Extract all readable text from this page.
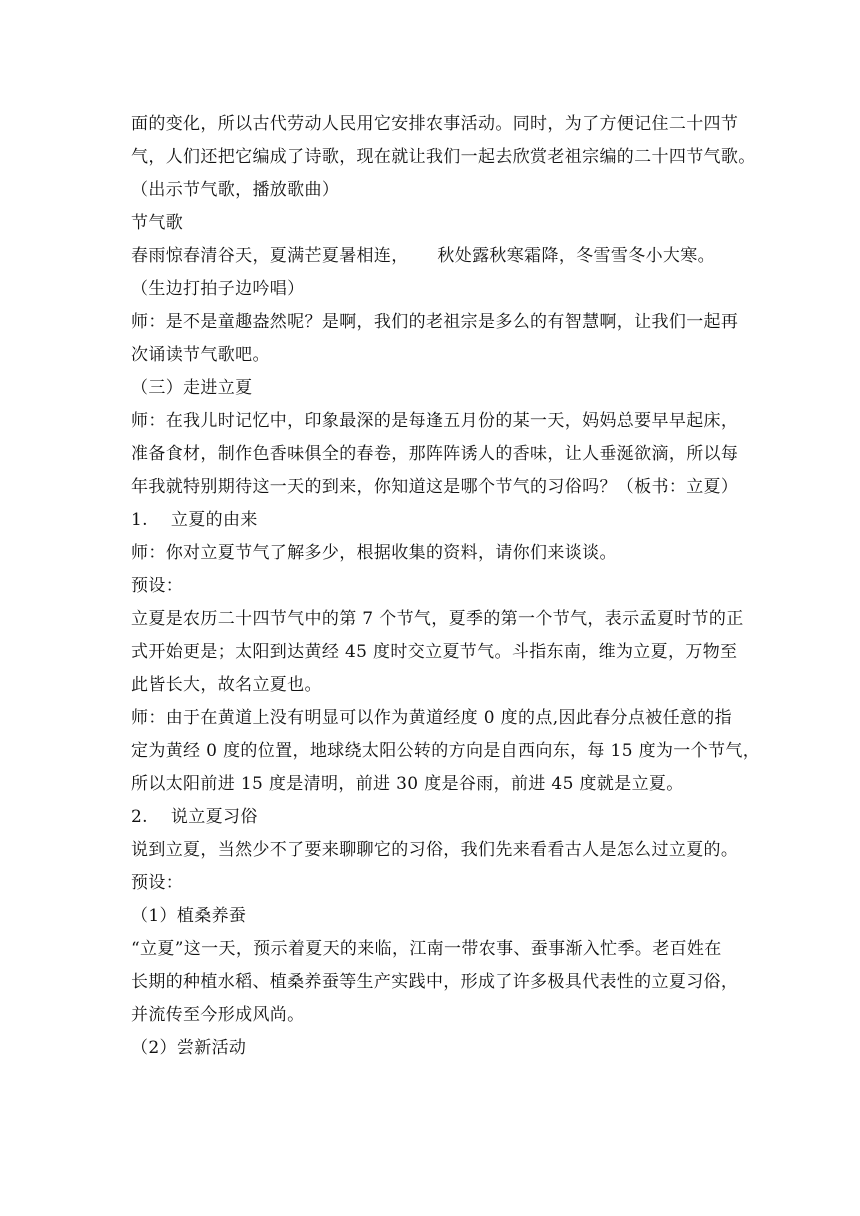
面的变化，所以古代劳动人民用它安排农事活动。同时，为了方便记住二十四节
气，人们还把它编成了诗歌，现在就让我们一起去欣赏老祖宗编的二十四节气歌。
（出示节气歌，播放歌曲）
节气歌
春雨惊春清谷天，夏满芒夏暑相连，     秋处露秋寒霜降，冬雪雪冬小大寒。
（生边打拍子边吟唱）
师：是不是童趣盎然呢？是啊，我们的老祖宗是多么的有智慧啊，让我们一起再
次诵读节气歌吧。
（三）走进立夏
师：在我儿时记忆中，印象最深的是每逢五月份的某一天，妈妈总要早早起床，
准备食材，制作色香味俱全的春卷，那阵阵诱人的香味，让人垂涎欲滴，所以每
年我就特别期待这一天的到来，你知道这是哪个节气的习俗吗？（板书：立夏）
1.    立夏的由来
师：你对立夏节气了解多少，根据收集的资料，请你们来谈谈。
预设：
立夏是农历二十四节气中的第 7 个节气，夏季的第一个节气，表示孟夏时节的正
式开始更是；太阳到达黄经 45 度时交立夏节气。斗指东南，维为立夏，万物至
此皆长大，故名立夏也。
师：由于在黄道上没有明显可以作为黄道经度 0 度的点,因此春分点被任意的指
定为黄经 0 度的位置，地球绕太阳公转的方向是自西向东，每 15 度为一个节气，
所以太阳前进 15 度是清明，前进 30 度是谷雨，前进 45 度就是立夏。
2.    说立夏习俗
说到立夏，当然少不了要来聊聊它的习俗，我们先来看看古人是怎么过立夏的。
预设：
（1）植桑养蚕
“立夏”这一天，预示着夏天的来临，江南一带农事、蚕事渐入忙季。老百姓在
长期的种植水稻、植桑养蚕等生产实践中，形成了许多极具代表性的立夏习俗，
并流传至今形成风尚。
（2）尝新活动
